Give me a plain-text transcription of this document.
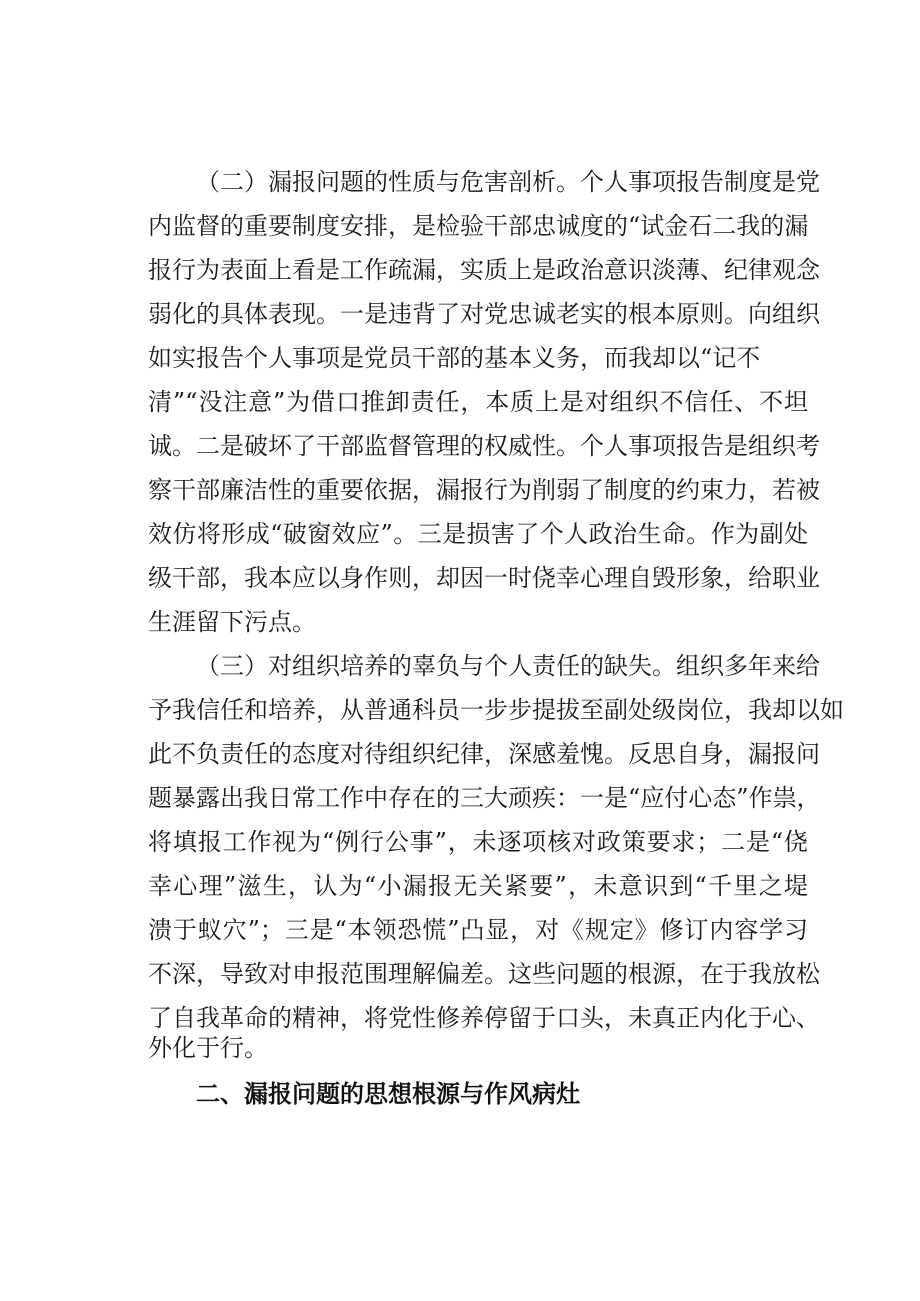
（二）漏报问题的性质与危害剖析。个人事项报告制度是党
内监督的重要制度安排，是检验干部忠诚度的“试金石二我的漏
报行为表面上看是工作疏漏，实质上是政治意识淡薄、纪律观念
弱化的具体表现。一是违背了对党忠诚老实的根本原则。向组织
如实报告个人事项是党员干部的基本义务，而我却以“记不
清”“没注意”为借口推卸责任，本质上是对组织不信任、不坦
诚。二是破坏了干部监督管理的权威性。个人事项报告是组织考
察干部廉洁性的重要依据，漏报行为削弱了制度的约束力，若被
效仿将形成“破窗效应”。三是损害了个人政治生命。作为副处
级干部，我本应以身作则，却因一时侥幸心理自毁形象，给职业
生涯留下污点。
（三）对组织培养的辜负与个人责任的缺失。组织多年来给
予我信任和培养，从普通科员一步步提拔至副处级岗位，我却以如
此不负责任的态度对待组织纪律，深感羞愧。反思自身，漏报问
题暴露出我日常工作中存在的三大顽疾：一是“应付心态”作祟，
将填报工作视为“例行公事”，未逐项核对政策要求；二是“侥
幸心理”滋生，认为“小漏报无关紧要”，未意识到“千里之堤
溃于蚁穴”；三是“本领恐慌”凸显，对《规定》修订内容学习
不深，导致对申报范围理解偏差。这些问题的根源，在于我放松
了自我革命的精神，将党性修养停留于口头，未真正内化于心、
外化于行。
二、漏报问题的思想根源与作风病灶
